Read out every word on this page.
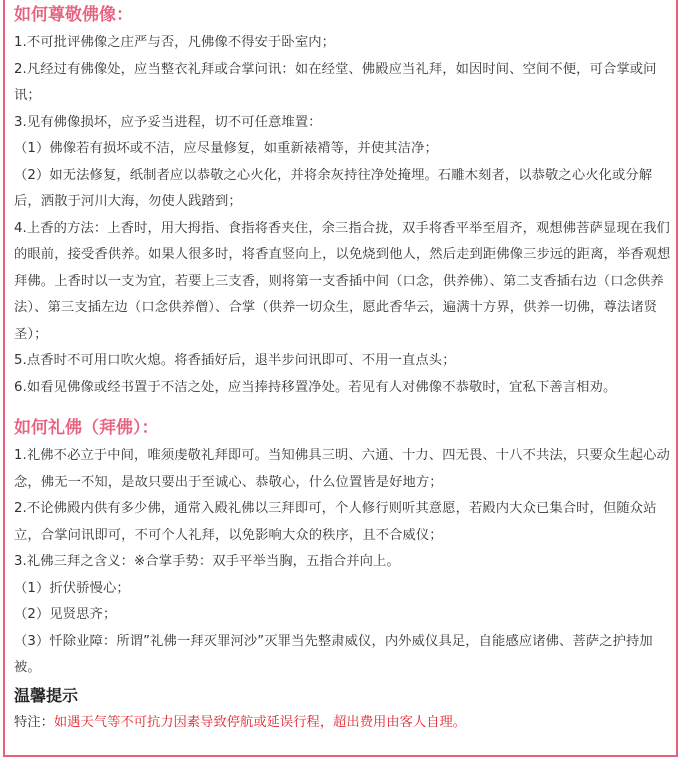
如何尊敬佛像：

1.不可批评佛像之庄严与否，凡佛像不得安于卧室内；

2.凡经过有佛像处，应当整衣礼拜或合掌问讯：如在经堂、佛殿应当礼拜，如因时间、空间不便，可合掌或问讯；

3.见有佛像损坏，应予妥当进程，切不可任意堆置：

（1）佛像若有损坏或不洁，应尽量修复，如重新裱褙等，并使其洁净；

（2）如无法修复，纸制者应以恭敬之心火化，并将余灰持往净处掩埋。石雕木刻者，以恭敬之心火化或分解后，洒散于河川大海，勿使人践踏到；

4.上香的方法：上香时，用大拇指、食指将香夹住，余三指合拢，双手将香平举至眉齐，观想佛菩萨显现在我们的眼前，接受香供养。如果人很多时，将香直竖向上，以免烧到他人，然后走到距佛像三步远的距离，举香观想拜佛。上香时以一支为宜，若要上三支香，则将第一支香插中间（口念，供养佛）、第二支香插右边（口念供养法）、第三支插左边（口念供养僧）、合掌（供养一切众生，愿此香华云，遍满十方界，供养一切佛，尊法诸贤圣）；

5.点香时不可用口吹火熄。将香插好后，退半步问讯即可、不用一直点头；

6.如看见佛像或经书置于不洁之处，应当捧持移置净处。若见有人对佛像不恭敬时，宜私下善言相劝。

如何礼佛（拜佛）：

1.礼佛不必立于中间，唯须虔敬礼拜即可。当知佛具三明、六通、十力、四无畏、十八不共法，只要众生起心动念，佛无一不知，是故只要出于至诚心、恭敬心，什么位置皆是好地方；

2.不论佛殿内供有多少佛，通常入殿礼佛以三拜即可，个人修行则听其意愿，若殿内大众已集合时，但随众站立，合掌问讯即可，不可个人礼拜，以免影响大众的秩序，且不合威仪；

3.礼佛三拜之含义：※合掌手势：双手平举当胸，五指合并向上。

（1）折伏骄慢心；

（2）见贤思齐；

（3）忏除业障：所谓”礼佛一拜灭罪河沙”灭罪当先整肃威仪，内外威仪具足，自能感应诸佛、菩萨之护持加被。

温馨提示

特注：如遇天气等不可抗力因素导致停航或延误行程，超出费用由客人自理。
